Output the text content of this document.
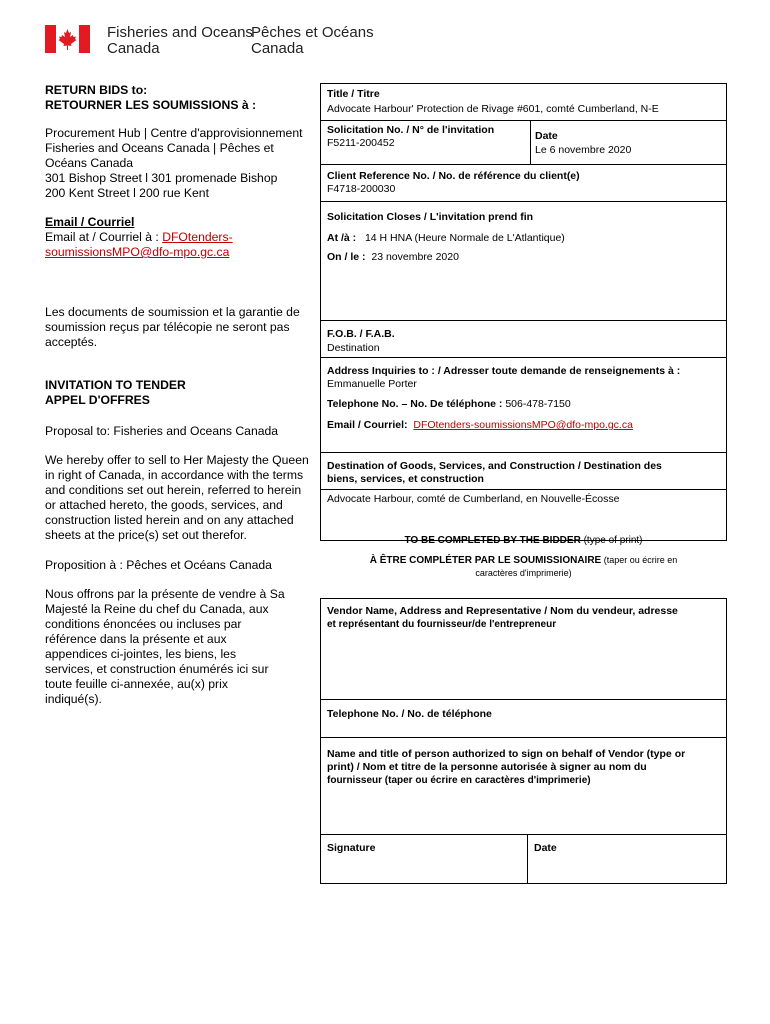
Fisheries and Oceans
Canada
Pêches et Océans
Canada
RETURN BIDS to:
RETOURNER LES SOUMISSIONS à :
Procurement Hub | Centre d'approvisionnement
Fisheries and Oceans Canada | Pêches et
Océans Canada
301 Bishop Street l 301 promenade Bishop
200 Kent Street l 200 rue Kent
Email / Courriel
Email at / Courriel à : DFOtenders-
soumissionsMPO@dfo-mpo.gc.ca
Les documents de soumission et la garantie de
soumission reçus par télécopie ne seront pas
acceptés.
INVITATION TO TENDER
APPEL D'OFFRES
Proposal to: Fisheries and Oceans Canada
We hereby offer to sell to Her Majesty the Queen
in right of Canada, in accordance with the terms
and conditions set out herein, referred to herein
or attached hereto, the goods, services, and
construction listed herein and on any attached
sheets at the price(s) set out therefor.
Proposition à : Pêches et Océans Canada
Nous offrons par la présente de vendre à Sa
Majesté la Reine du chef du Canada, aux
conditions énoncées ou incluses par
référence dans la présente et aux
appendices ci-jointes, les biens, les
services, et construction énumérés ici sur
toute feuille ci-annexée, au(x) prix
indiqué(s).
Title / Titre
Advocate Harbour' Protection de Rivage #601, comté Cumberland, N-E
Solicitation No. / N° de l'invitation
F5211-200452
Date
Le 6 novembre 2020
Client Reference No. / No. de référence du client(e)
F4718-200030
Solicitation Closes / L'invitation prend fin
At /à : 14 H HNA (Heure Normale de L'Atlantique)
On / le : 23 novembre 2020
F.O.B. / F.A.B.
Destination
Address Inquiries to : / Adresser toute demande de renseignements à :
Emmanuelle Porter
Telephone No. – No. De téléphone : 506-478-7150
Email / Courriel: DFOtenders-soumissionsMPO@dfo-mpo.gc.ca
Destination of Goods, Services, and Construction / Destination des
biens, services, et construction
Advocate Harbour, comté de Cumberland, en Nouvelle-Écosse
TO BE COMPLETED BY THE BIDDER (type of print)
À ÊTRE COMPLÉTER PAR LE SOUMISSIONAIRE (taper ou écrire en
caractères d'imprimerie)
Vendor Name, Address and Representative / Nom du vendeur, adresse
et représentant du fournisseur/de l'entrepreneur
Telephone No. / No. de téléphone
Name and title of person authorized to sign on behalf of Vendor (type or
print) / Nom et titre de la personne autorisée à signer au nom du
fournisseur (taper ou écrire en caractères d'imprimerie)
Signature	Date
